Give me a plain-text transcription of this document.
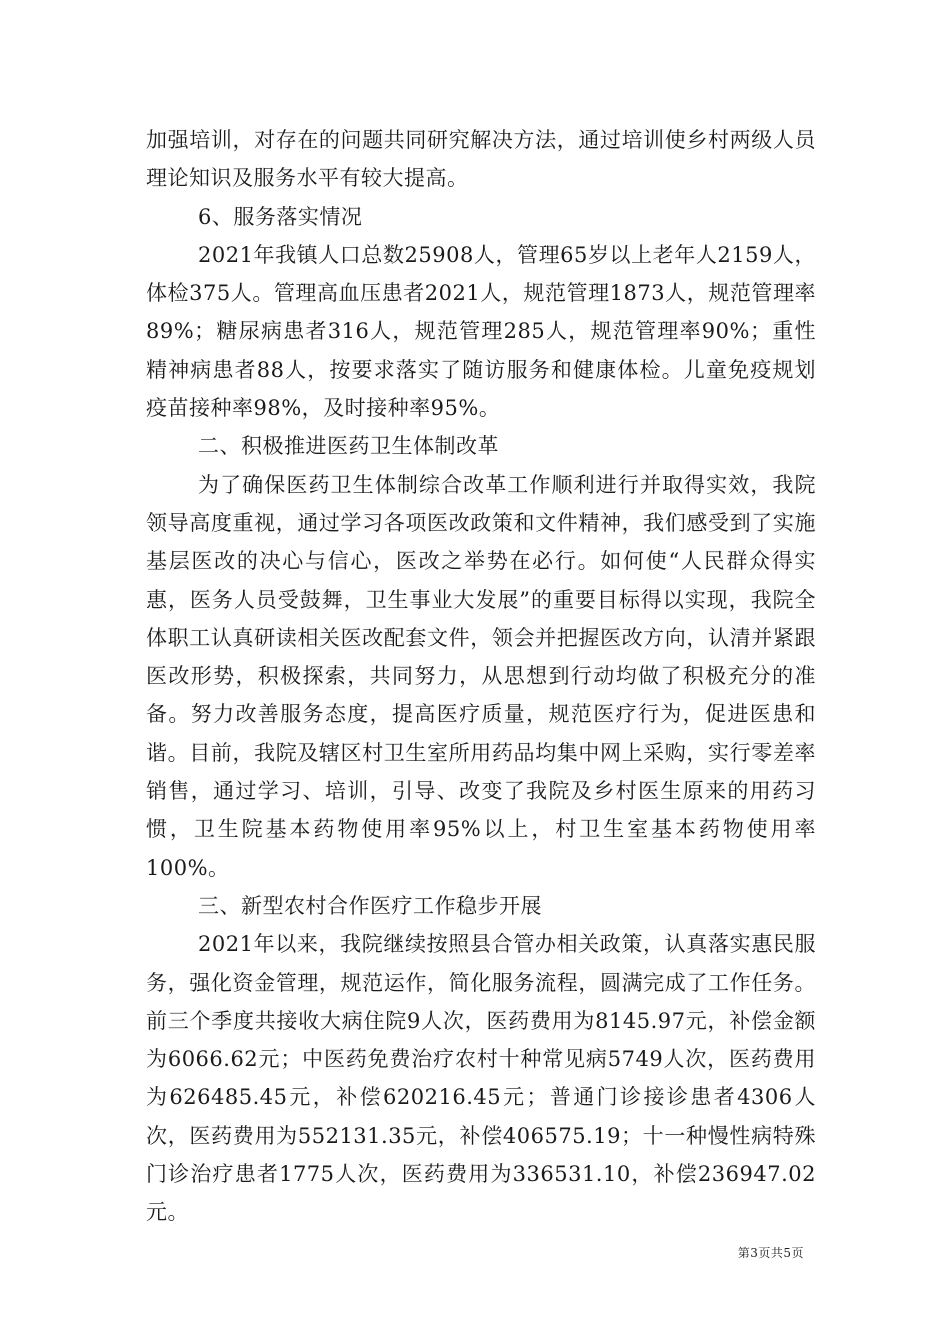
加强培训，对存在的问题共同研究解决方法，通过培训使乡村两级人员理论知识及服务水平有较大提高。

6、服务落实情况

2021年我镇人口总数25908人，管理65岁以上老年人2159人，体检375人。管理高血压患者2021人，规范管理1873人，规范管理率89%；糖尿病患者316人，规范管理285人，规范管理率90%；重性精神病患者88人，按要求落实了随访服务和健康体检。儿童免疫规划疫苗接种率98%，及时接种率95%。

二、积极推进医药卫生体制改革

为了确保医药卫生体制综合改革工作顺利进行并取得实效，我院领导高度重视，通过学习各项医改政策和文件精神，我们感受到了实施基层医改的决心与信心，医改之举势在必行。如何使“人民群众得实惠，医务人员受鼓舞，卫生事业大发展”的重要目标得以实现，我院全体职工认真研读相关医改配套文件，领会并把握医改方向，认清并紧跟医改形势，积极探索，共同努力，从思想到行动均做了积极充分的准备。努力改善服务态度，提高医疗质量，规范医疗行为，促进医患和谐。目前，我院及辖区村卫生室所用药品均集中网上采购，实行零差率销售，通过学习、培训，引导、改变了我院及乡村医生原来的用药习惯，卫生院基本药物使用率95%以上，村卫生室基本药物使用率100%。

三、新型农村合作医疗工作稳步开展

2021年以来，我院继续按照县合管办相关政策，认真落实惠民服务，强化资金管理，规范运作，简化服务流程，圆满完成了工作任务。前三个季度共接收大病住院9人次，医药费用为8145.97元，补偿金额为6066.62元；中医药免费治疗农村十种常见病5749人次，医药费用为626485.45元，补偿620216.45元；普通门诊接诊患者4306人次，医药费用为552131.35元，补偿406575.19；十一种慢性病特殊门诊治疗患者1775人次，医药费用为336531.10，补偿236947.02元。

第3页共5页
